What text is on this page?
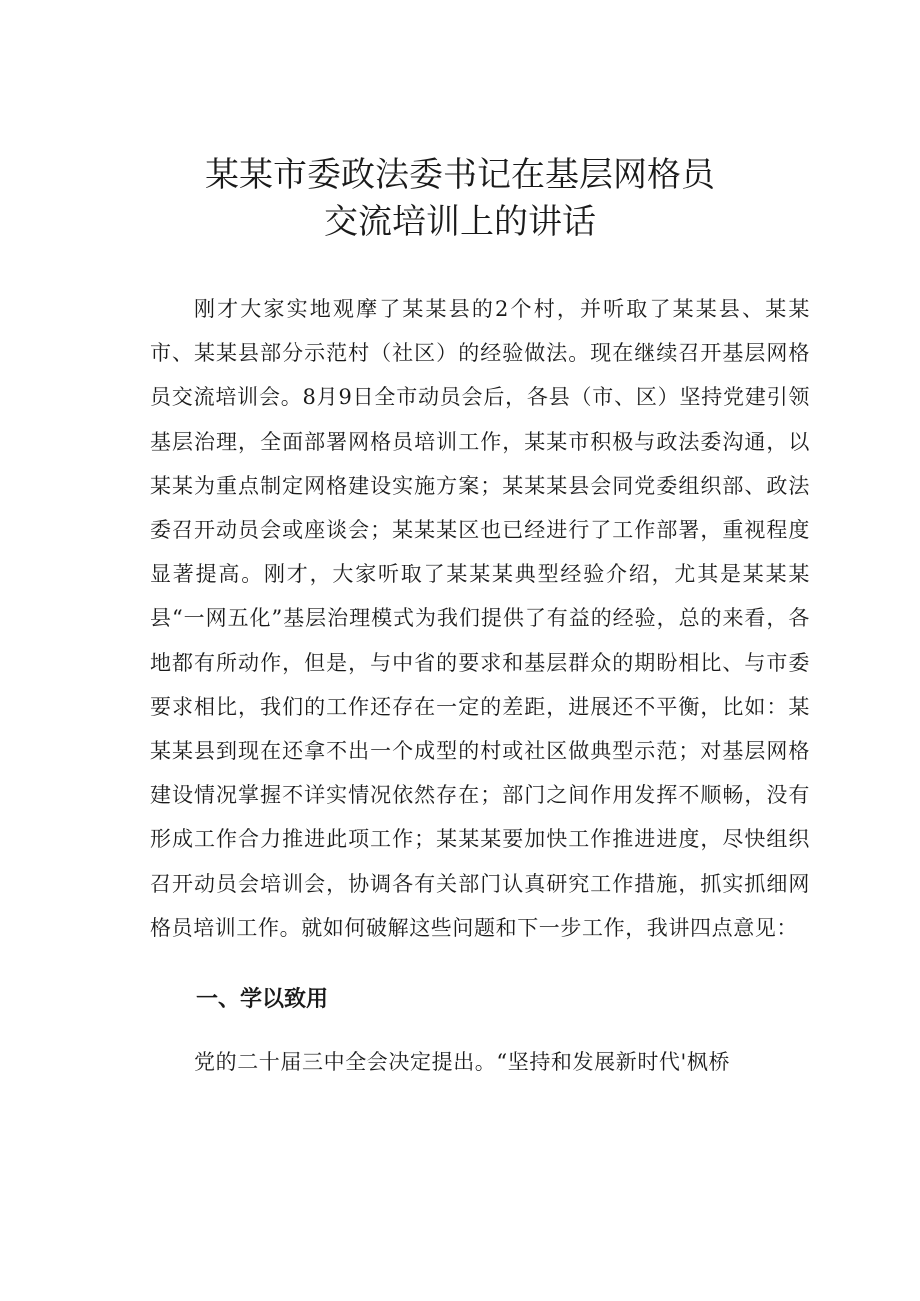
某某市委政法委书记在基层网格员
交流培训上的讲话

刚才大家实地观摩了某某县的2个村，并听取了某某县、某某市、某某县部分示范村（社区）的经验做法。现在继续召开基层网格员交流培训会。8月9日全市动员会后，各县（市、区）坚持党建引领基层治理，全面部署网格员培训工作，某某市积极与政法委沟通，以某某为重点制定网格建设实施方案；某某某县会同党委组织部、政法委召开动员会或座谈会；某某某区也已经进行了工作部署，重视程度显著提高。刚才，大家听取了某某某典型经验介绍，尤其是某某某县“一网五化”基层治理模式为我们提供了有益的经验，总的来看，各地都有所动作，但是，与中省的要求和基层群众的期盼相比、与市委要求相比，我们的工作还存在一定的差距，进展还不平衡，比如：某某某县到现在还拿不出一个成型的村或社区做典型示范；对基层网格建设情况掌握不详实情况依然存在；部门之间作用发挥不顺畅，没有形成工作合力推进此项工作；某某某要加快工作推进进度，尽快组织召开动员会培训会，协调各有关部门认真研究工作措施，抓实抓细网格员培训工作。就如何破解这些问题和下一步工作，我讲四点意见：

一、学以致用

党的二十届三中全会决定提出。“坚持和发展新时代'枫桥
